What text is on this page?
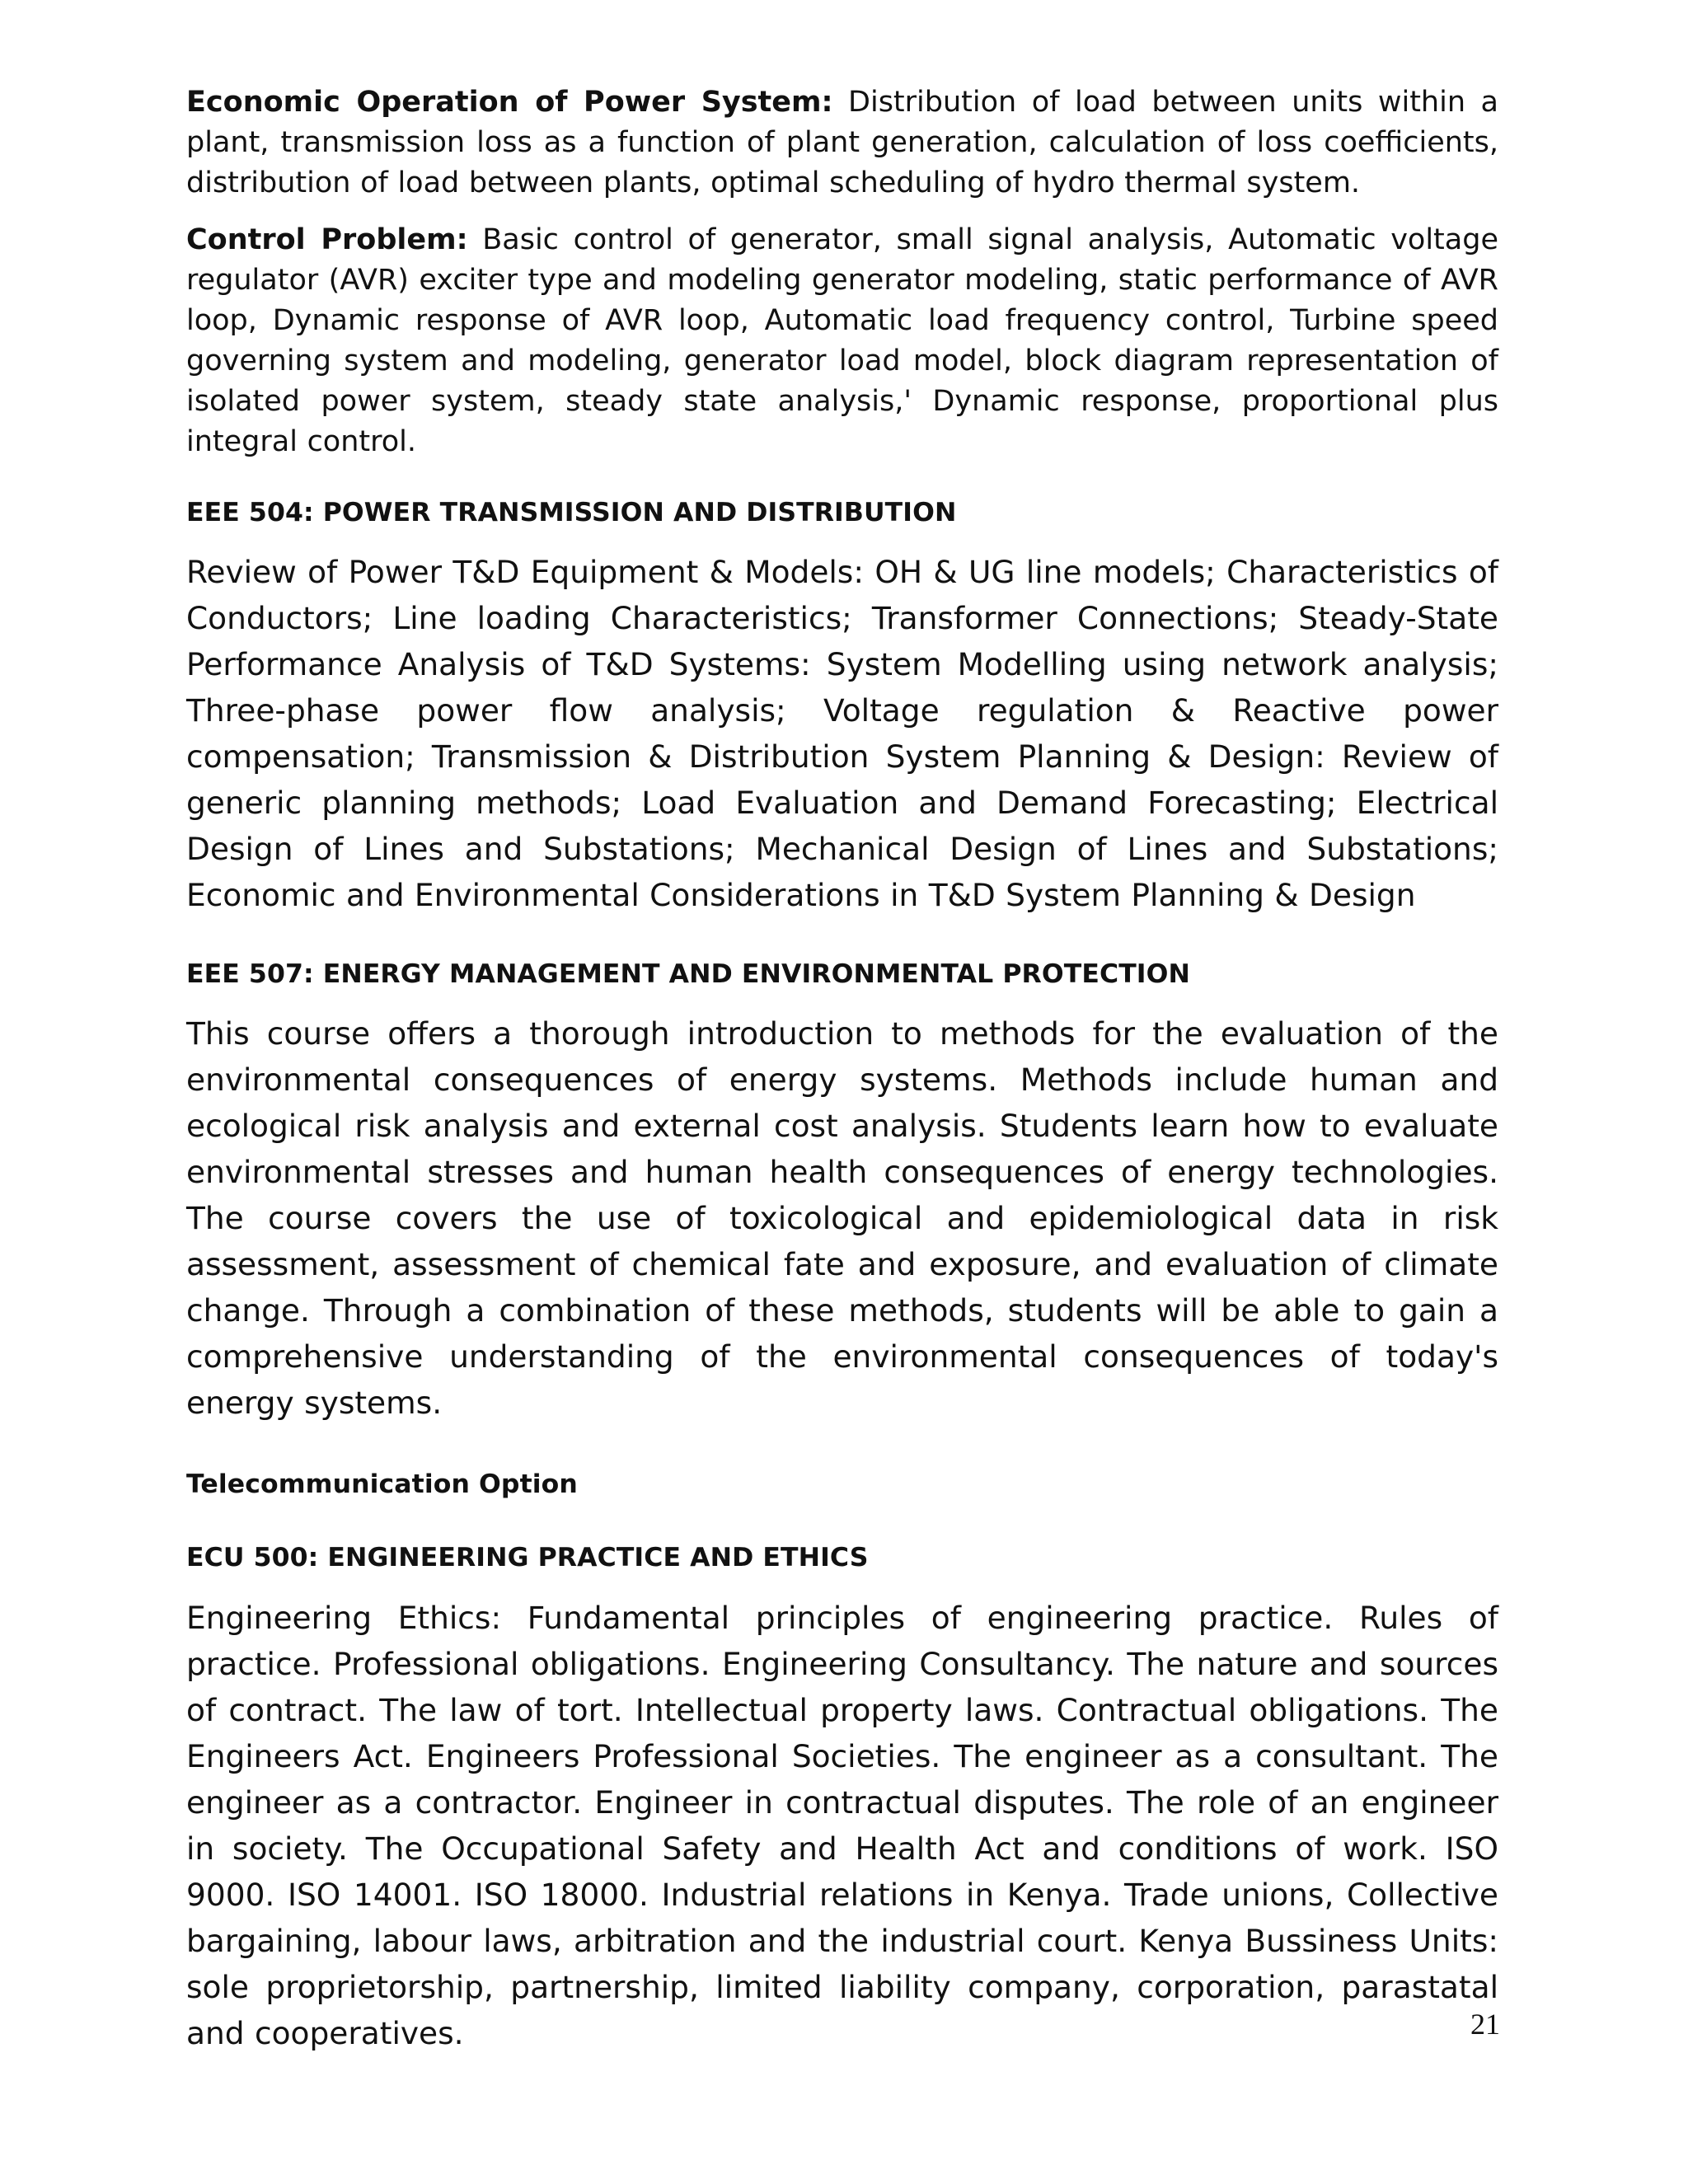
Economic Operation of Power System: Distribution of load between units within a plant, transmission loss as a function of plant generation, calculation of loss coefficients, distribution of load between plants, optimal scheduling of hydro thermal system.

Control Problem: Basic control of generator, small signal analysis, Automatic voltage regulator (AVR) exciter type and modeling generator modeling, static performance of AVR loop, Dynamic response of AVR loop, Automatic load frequency control, Turbine speed governing system and modeling, generator load model, block diagram representation of isolated power system, steady state analysis,' Dynamic response, proportional plus integral control.

EEE 504: POWER TRANSMISSION AND DISTRIBUTION

Review of Power T&D Equipment & Models: OH & UG line models; Characteristics of Conductors; Line loading Characteristics; Transformer Connections; Steady-State Performance Analysis of T&D Systems: System Modelling using network analysis; Three-phase power flow analysis; Voltage regulation & Reactive power compensation; Transmission & Distribution System Planning & Design: Review of generic planning methods; Load Evaluation and Demand Forecasting; Electrical Design of Lines and Substations; Mechanical Design of Lines and Substations; Economic and Environmental Considerations in T&D System Planning & Design

EEE 507: ENERGY MANAGEMENT AND ENVIRONMENTAL PROTECTION

This course offers a thorough introduction to methods for the evaluation of the environmental consequences of energy systems. Methods include human and ecological risk analysis and external cost analysis. Students learn how to evaluate environmental stresses and human health consequences of energy technologies. The course covers the use of toxicological and epidemiological data in risk assessment, assessment of chemical fate and exposure, and evaluation of climate change. Through a combination of these methods, students will be able to gain a comprehensive understanding of the environmental consequences of today's energy systems.

Telecommunication Option
ECU 500: ENGINEERING PRACTICE AND ETHICS

Engineering Ethics: Fundamental principles of engineering practice. Rules of practice. Professional obligations. Engineering Consultancy. The nature and sources of contract. The law of tort. Intellectual property laws. Contractual obligations. The Engineers Act. Engineers Professional Societies. The engineer as a consultant. The engineer as a contractor. Engineer in contractual disputes. The role of an engineer in society. The Occupational Safety and Health Act and conditions of work. ISO 9000. ISO 14001. ISO 18000. Industrial relations in Kenya. Trade unions, Collective bargaining, labour laws, arbitration and the industrial court. Kenya Bussiness Units: sole proprietorship, partnership, limited liability company, corporation, parastatal and cooperatives.	21
